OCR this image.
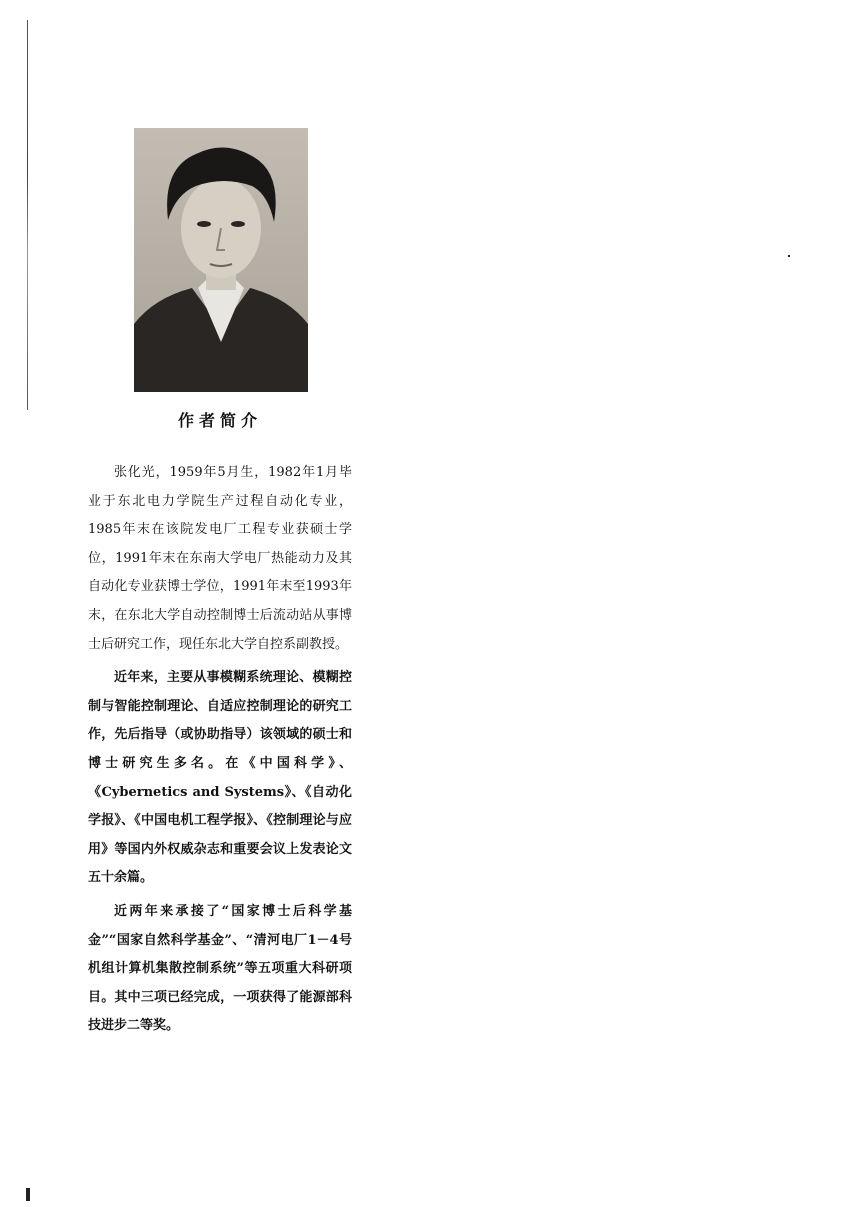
作者简介

张化光，1959年5月生，1982年1月毕业于东北电力学院生产过程自动化专业，1985年末在该院发电厂工程专业获硕士学位，1991年末在东南大学电厂热能动力及其自动化专业获博士学位，1991年末至1993年末，在东北大学自动控制博士后流动站从事博士后研究工作，现任东北大学自控系副教授。

近年来，主要从事模糊系统理论、模糊控制与智能控制理论、自适应控制理论的研究工作，先后指导（或协助指导）该领域的硕士和博士研究生多名。在《中国科学》、《Cybernetics and Systems》、《自动化学报》、《中国电机工程学报》、《控制理论与应用》等国内外权威杂志和重要会议上发表论文五十余篇。

近两年来承接了“国家博士后科学基金”“国家自然科学基金”、“清河电厂1－4号机组计算机集散控制系统”等五项重大科研项目。其中三项已经完成，一项获得了能源部科技进步二等奖。
